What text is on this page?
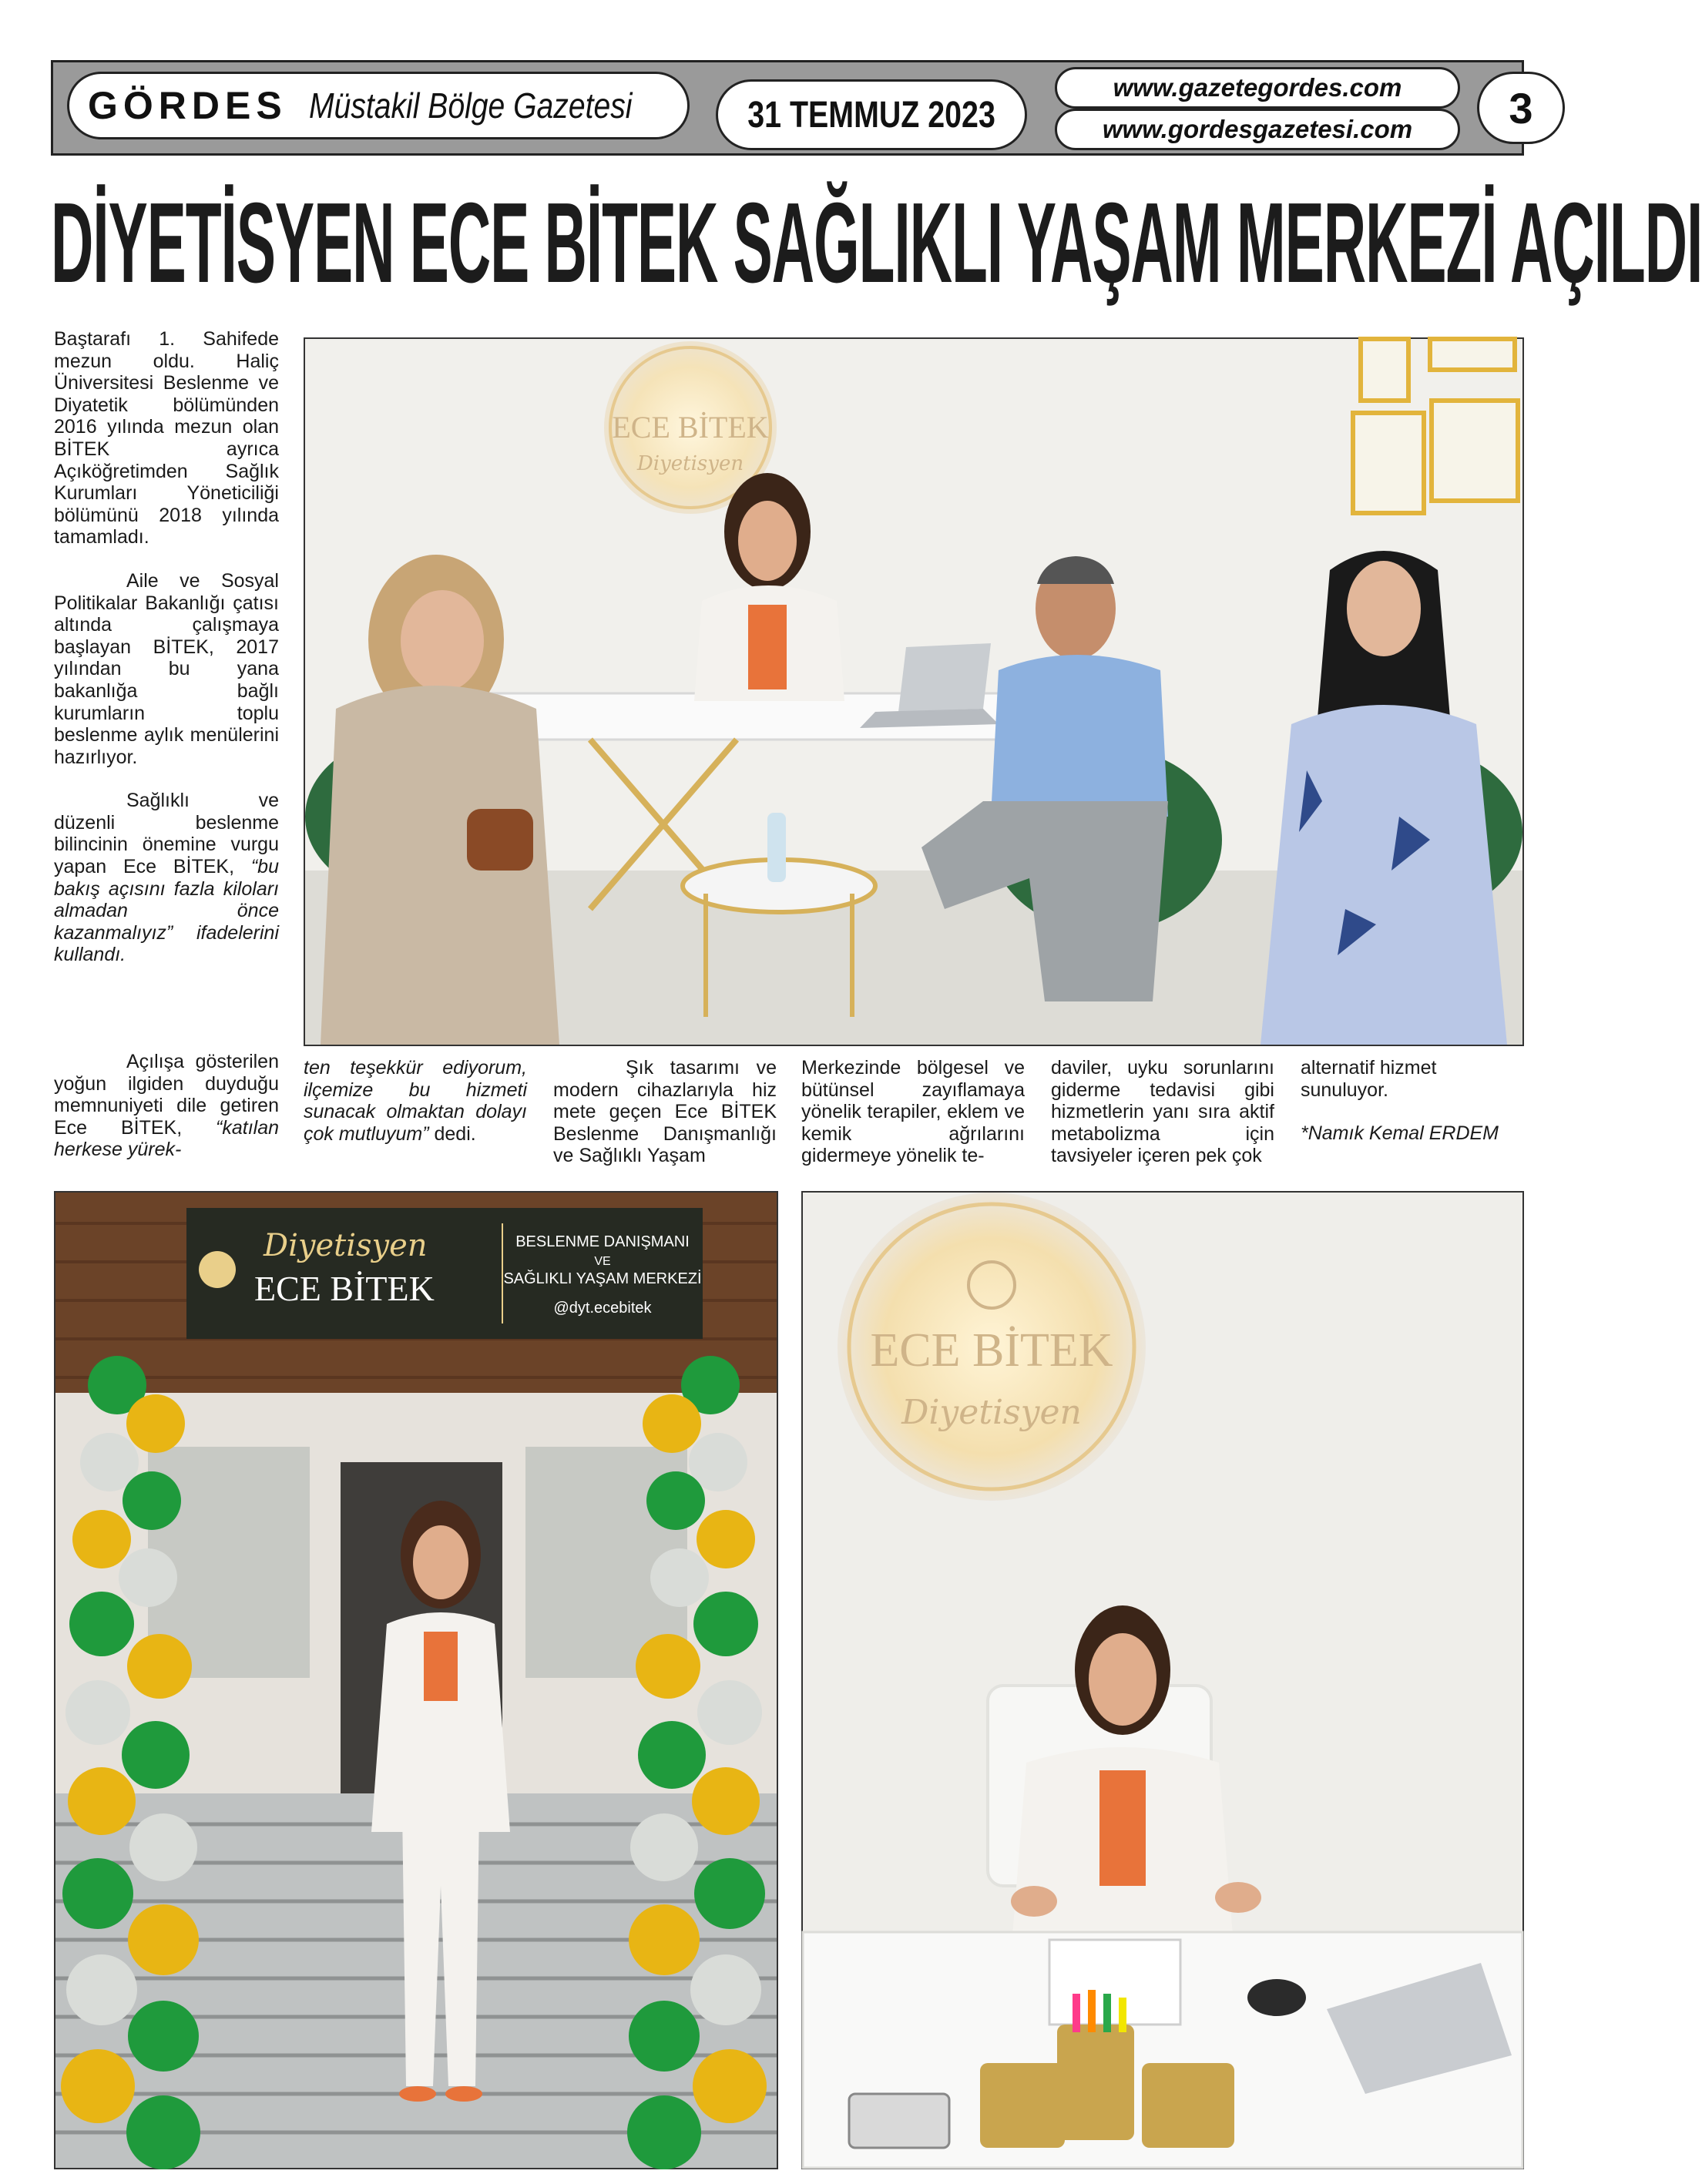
GÖRDES Müstakil Bölge Gazetesi	31 TEMMUZ 2023
www.gazetegordes.com
www.gordesgazetesi.com	3
DİYETİSYEN ECE BİTEK SAĞLIKLI YAŞAM MERKEZİ AÇILDI

Baştarafı 1. Sahifede mezun oldu. Haliç Üniversitesi Beslenme ve Diyatetik bölümünden 2016 yılında mezun olan BİTEK ayrıca Açıköğretimden Sağlık Kurumları Yöneticiliği bölümünü 2018 yılında tamamladı.

Aile ve Sosyal Politikalar Bakanlığı çatısı altında çalışmaya başlayan BİTEK, 2017 yılından bu yana bakanlığa bağlı kurumların toplu beslenme aylık menülerini hazırlıyor.

Sağlıklı ve düzenli beslenme bilincinin önemine vurgu yapan Ece BİTEK, “bu bakış açısını fazla kiloları almadan önce kazanmalıyız” ifadelerini kullandı.

Açılışa gösterilen yoğun ilgiden duyduğu memnuniyeti dile getiren Ece BİTEK, “katılan herkese yürek-

ten teşekkür ediyorum, ilçemize bu hizmeti sunacak olmaktan dolayı çok mutluyum” dedi.

Şık tasarımı ve modern cihazlarıyla hiz mete geçen Ece BİTEK Beslenme Danışmanlığı ve Sağlıklı Yaşam

Merkezinde bölgesel ve bütünsel zayıflamaya yönelik terapiler, eklem ve kemik ağrılarını gidermeye yönelik te-

daviler, uyku sorunlarını giderme tedavisi gibi hizmetlerin yanı sıra aktif metabolizma için tavsiyeler içeren pek çok

alternatif hizmet sunuluyor.

*Namık Kemal ERDEM
ECE BİTEK
Diyetisyen
Diyetisyen
ECE BİTEK
BESLENME DANIŞMANI
VE
SAĞLIKLI YAŞAM MERKEZİ
@dyt.ecebitek
ECE BİTEK
Diyetisyen
